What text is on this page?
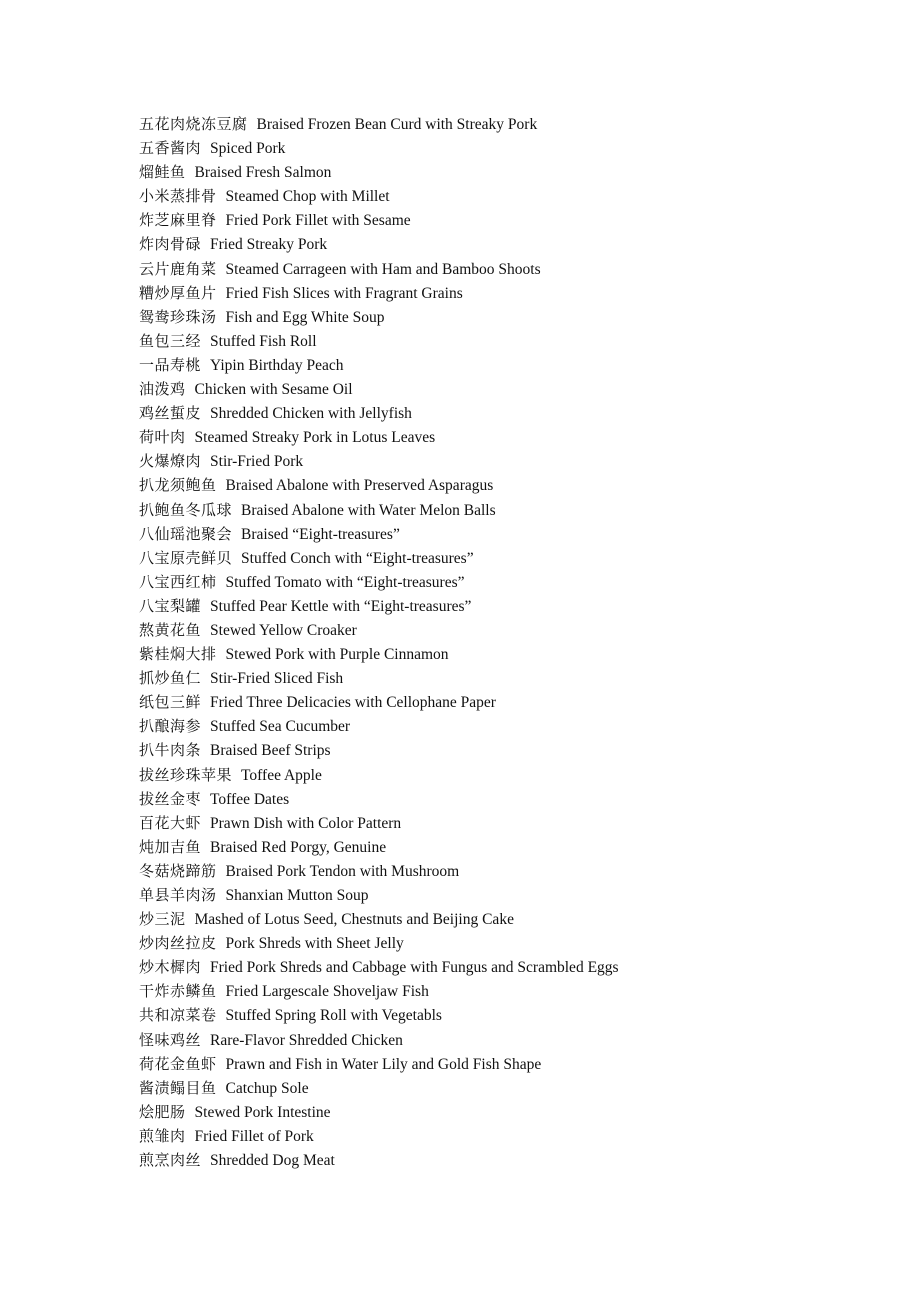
五花肉烧冻豆腐 Braised Frozen Bean Curd with Streaky Pork
五香酱肉 Spiced Pork
熘鲑鱼 Braised Fresh Salmon
小米蒸排骨 Steamed Chop with Millet
炸芝麻里脊 Fried Pork Fillet with Sesame
炸肉骨碌 Fried Streaky Pork
云片鹿角菜 Steamed Carrageen with Ham and Bamboo Shoots
糟炒厚鱼片 Fried Fish Slices with Fragrant Grains
鸳鸯珍珠汤 Fish and Egg White Soup
鱼包三经 Stuffed Fish Roll
一品寿桃 Yipin Birthday Peach
油泼鸡 Chicken with Sesame Oil
鸡丝蜇皮 Shredded Chicken with Jellyfish
荷叶肉 Steamed Streaky Pork in Lotus Leaves
火爆燎肉 Stir-Fried Pork
扒龙须鲍鱼 Braised Abalone with Preserved Asparagus
扒鲍鱼冬瓜球 Braised Abalone with Water Melon Balls
八仙瑶池聚会 Braised “Eight-treasures”
八宝原壳鲜贝 Stuffed Conch with “Eight-treasures”
八宝西红柿 Stuffed Tomato with “Eight-treasures”
八宝梨罐 Stuffed Pear Kettle with “Eight-treasures”
熬黄花鱼 Stewed Yellow Croaker
紫桂焖大排 Stewed Pork with Purple Cinnamon
抓炒鱼仁 Stir-Fried Sliced Fish
纸包三鲜 Fried Three Delicacies with Cellophane Paper
扒酿海参 Stuffed Sea Cucumber
扒牛肉条 Braised Beef Strips
拔丝珍珠苹果 Toffee Apple
拔丝金枣 Toffee Dates
百花大虾 Prawn Dish with Color Pattern
炖加吉鱼 Braised Red Porgy, Genuine
冬菇烧蹄筋 Braised Pork Tendon with Mushroom
单县羊肉汤 Shanxian Mutton Soup
炒三泥 Mashed of Lotus Seed, Chestnuts and Beijing Cake
炒肉丝拉皮 Pork Shreds with Sheet Jelly
炒木樨肉 Fried Pork Shreds and Cabbage with Fungus and Scrambled Eggs
干炸赤鳞鱼 Fried Largescale Shoveljaw Fish
共和凉菜卷 Stuffed Spring Roll with Vegetabls
怪味鸡丝 Rare-Flavor Shredded Chicken
荷花金鱼虾 Prawn and Fish in Water Lily and Gold Fish Shape
酱渍鳎目鱼 Catchup Sole
烩肥肠 Stewed Pork Intestine
煎雏肉 Fried Fillet of Pork
煎烹肉丝 Shredded Dog Meat
